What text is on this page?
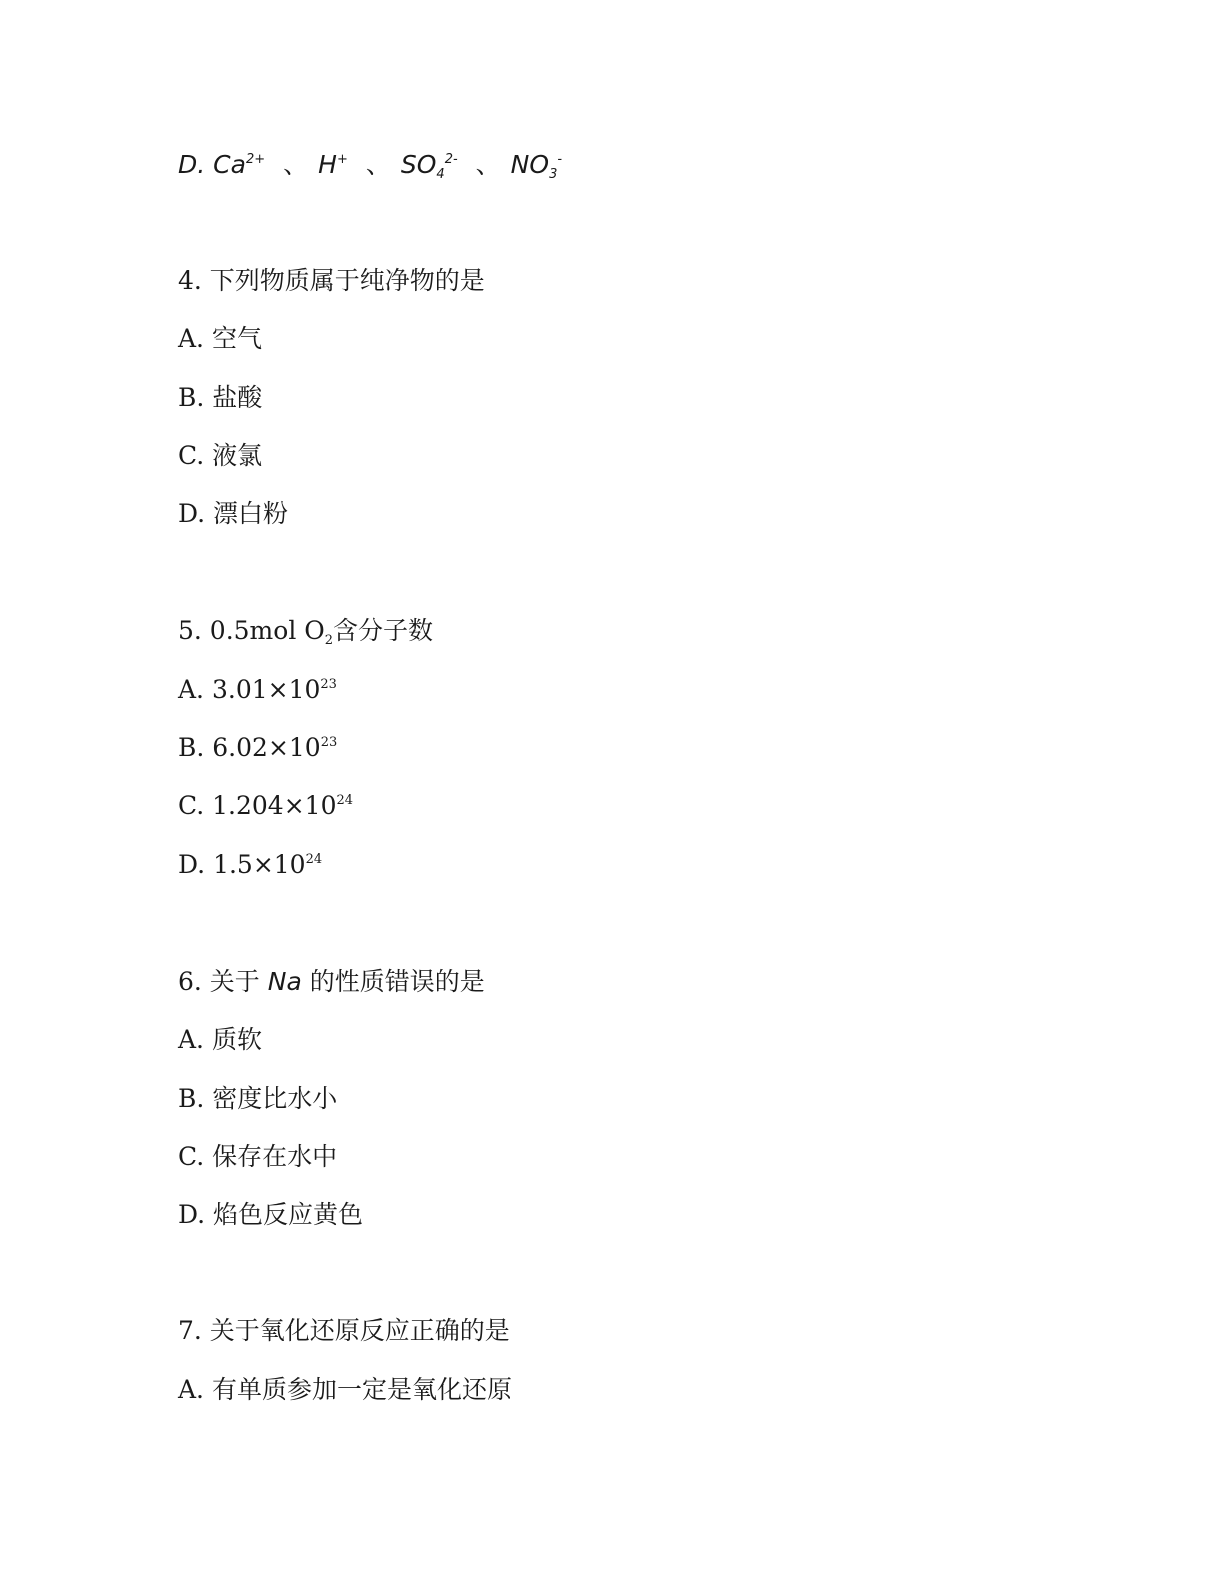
D. $Ca^{2+}$ 、 H+ 、 $SO_4^{2-}$ 、 $NO_3^-$
4. 下列物质属于纯净物的是
A. 空气
B. 盐酸
C. 液氯
D. 漂白粉
5. 0.5mol $O_2$含分子数
A. $3.01\times 10^{23}$
B. $6.02\times 10^{23}$
C. $1.204\times 10^{24}$
D. $1.5\times 10^{24}$
6. 关于 Na 的性质错误的是
A. 质软
B. 密度比水小
C. 保存在水中
D. 焰色反应黄色
7. 关于氧化还原反应正确的是
A. 有单质参加一定是氧化还原
